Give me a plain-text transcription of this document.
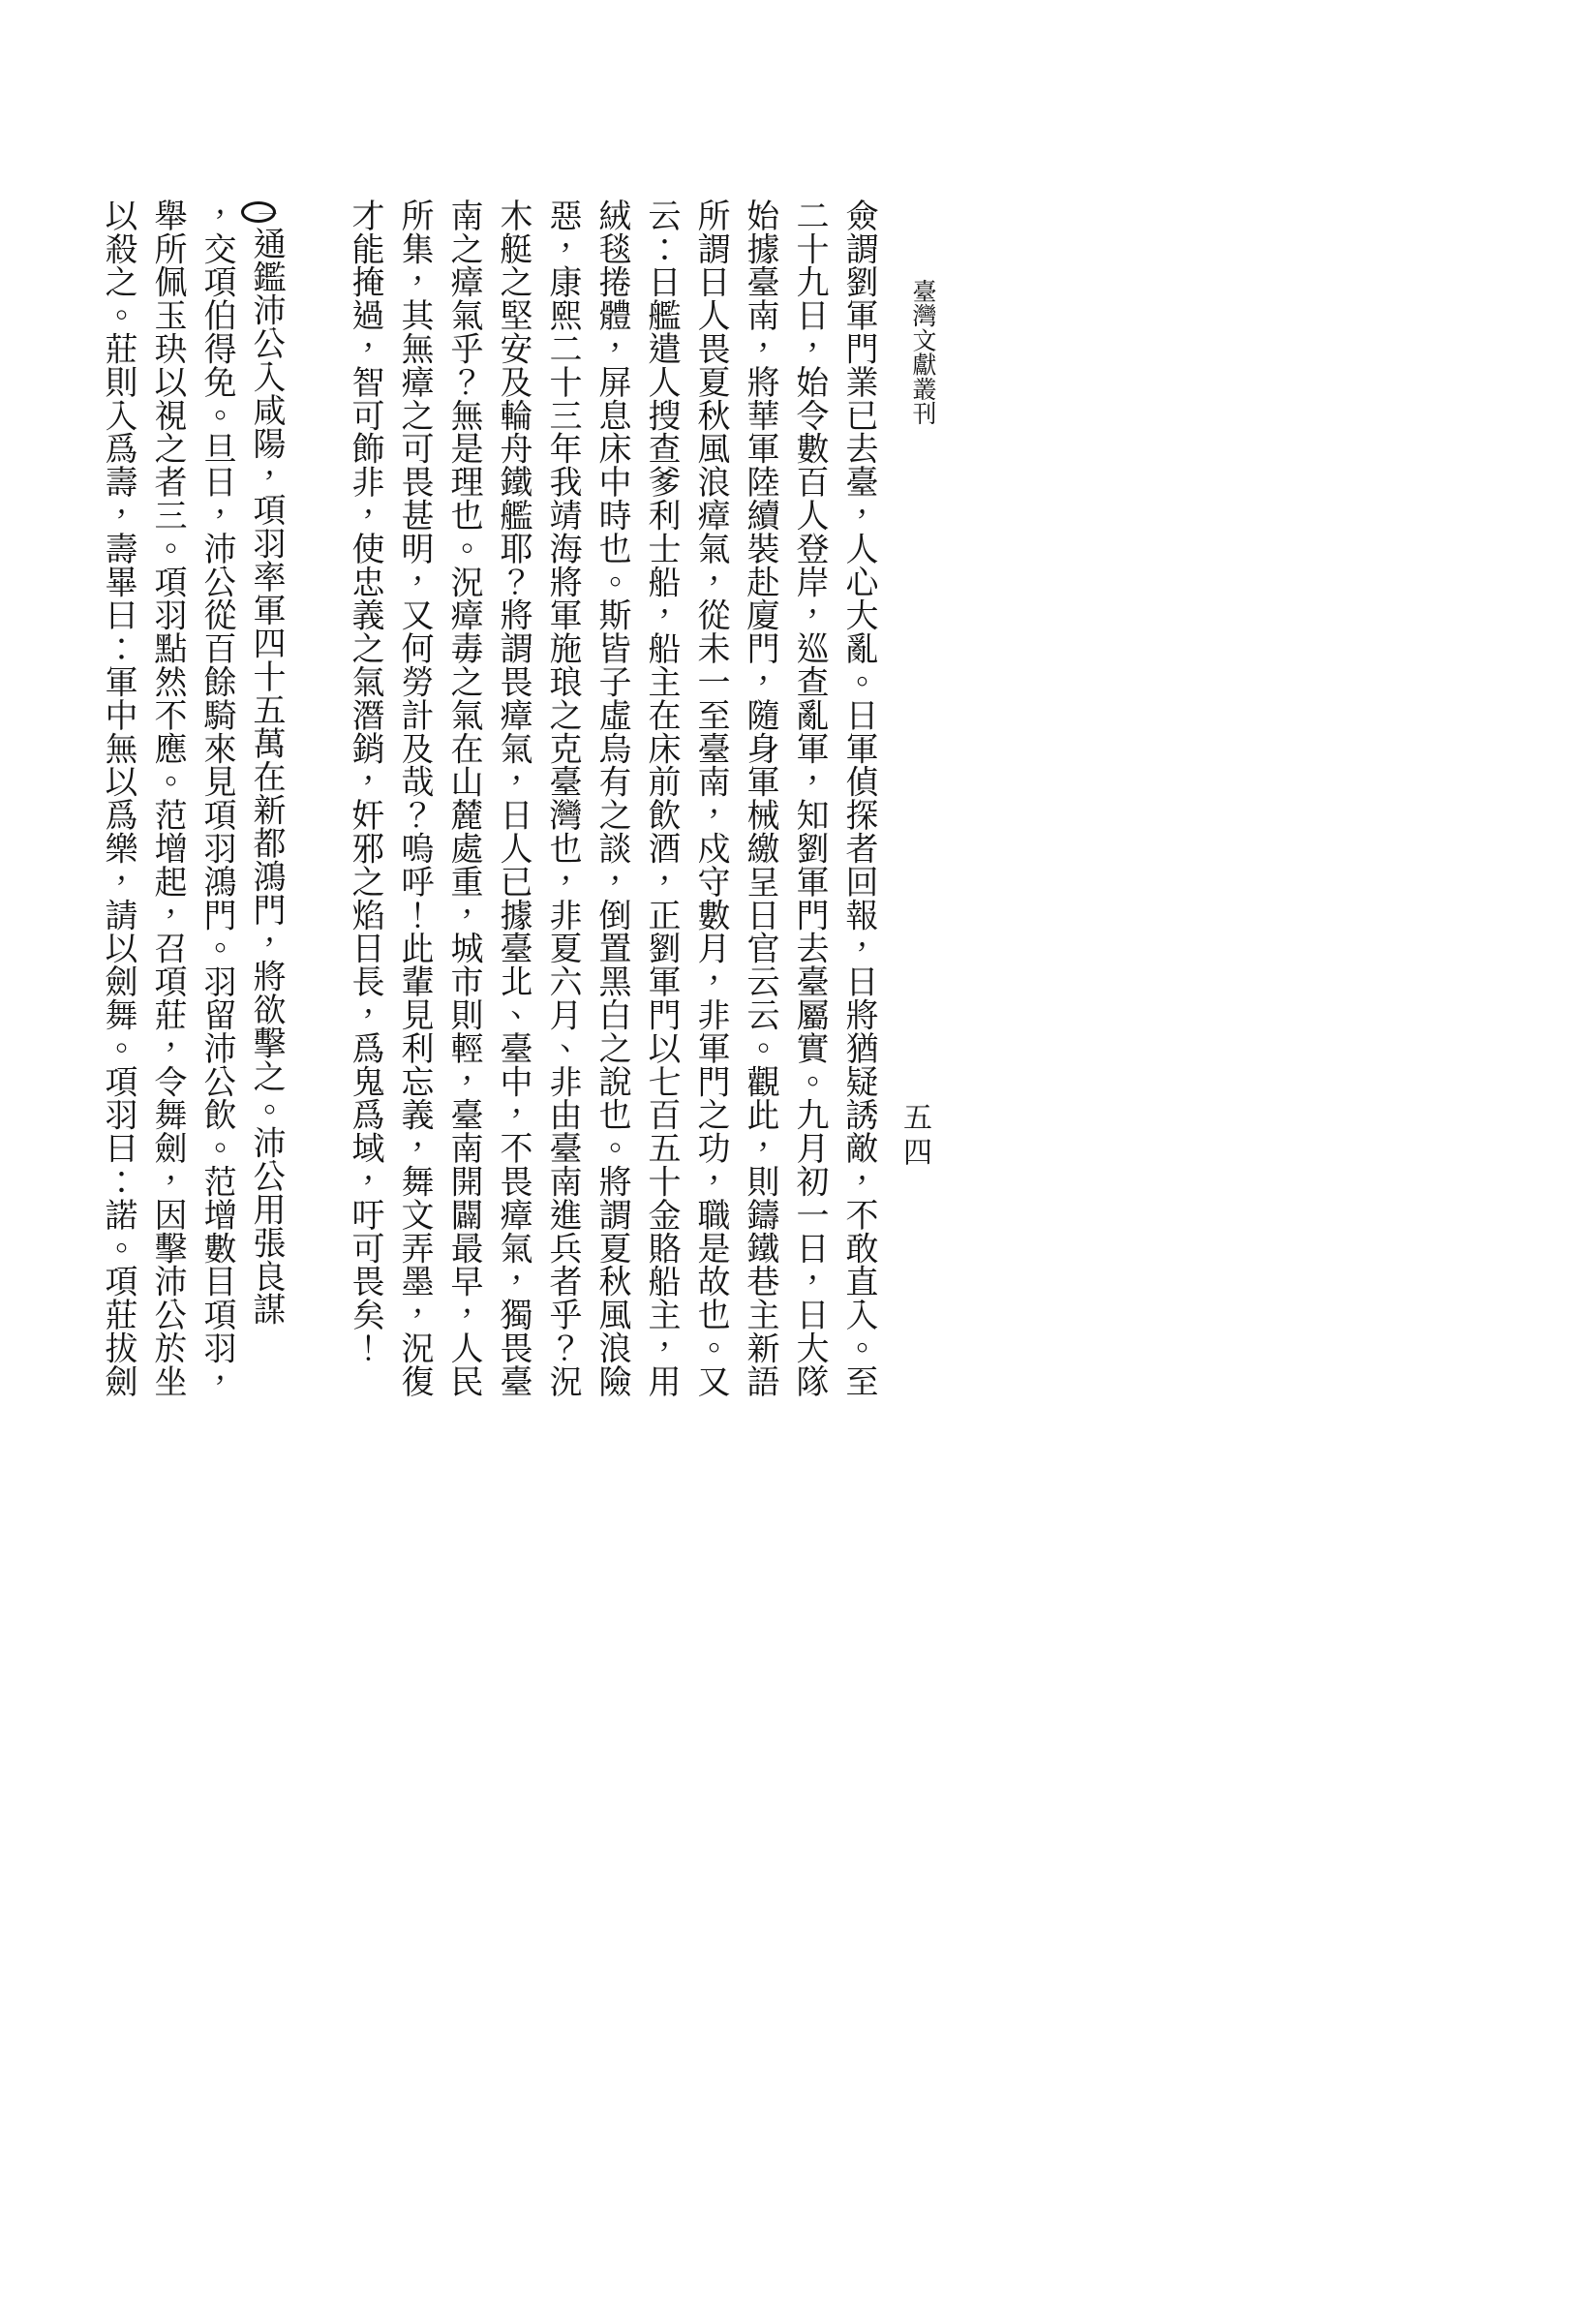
臺灣文獻叢刊
五四

僉謂劉軍門業已去臺，人心大亂。日軍偵探者回報，日將猶疑誘敵，不敢直入。至

二十九日，始令數百人登岸，巡查亂軍，知劉軍門去臺屬實。九月初一日，日大隊

始據臺南，將華軍陸續裝赴廈門，隨身軍械繳呈日官云云。觀此，則鑄鐵巷主新語

所謂日人畏夏秋風浪瘴氣，從未一至臺南，戍守數月，非軍門之功，職是故也。又

云：日艦遣人搜查爹利士船，船主在床前飲酒，正劉軍門以七百五十金賂船主，用

絨毯捲體，屏息床中時也。斯皆子虛烏有之談，倒置黑白之說也。將謂夏秋風浪險

惡，康熙二十三年我靖海將軍施琅之克臺灣也，非夏六月、非由臺南進兵者乎？況

木艇之堅安及輪舟鐵艦耶？將謂畏瘴氣，日人已據臺北、臺中，不畏瘴氣，獨畏臺

南之瘴氣乎？無是理也。況瘴毒之氣在山麓處重，城市則輕，臺南開闢最早，人民

所集，其無瘴之可畏甚明，又何勞計及哉？嗚呼！此輩見利忘義，舞文弄墨，況復

才能掩過，智可飾非，使忠義之氣潛銷，奸邪之焰日長，爲鬼爲域，吁可畏矣！

一通鑑沛公入咸陽，項羽率軍四十五萬在新都鴻門，將欲擊之。沛公用張良謀

，交項伯得免。旦日，沛公從百餘騎來見項羽鴻門。羽留沛公飲。范增數目項羽，

舉所佩玉玦以視之者三。項羽點然不應。范增起，召項莊，令舞劍，因擊沛公於坐

以殺之。莊則入爲壽，壽畢曰：軍中無以爲樂，請以劍舞。項羽曰：諾。項莊拔劍
